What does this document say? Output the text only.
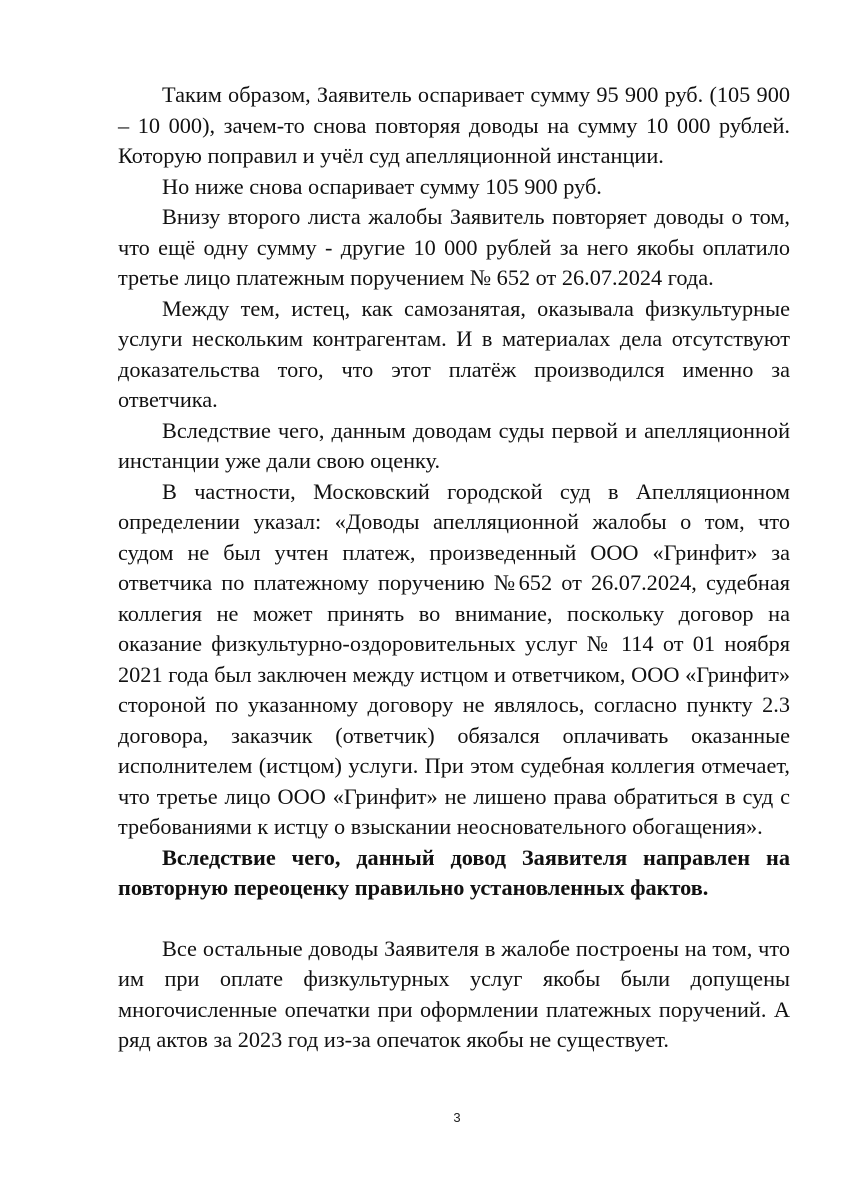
Таким образом, Заявитель оспаривает сумму 95 900 руб. (105 900 – 10 000), зачем-то снова повторяя доводы на сумму 10 000 рублей. Которую поправил и учёл суд апелляционной инстанции.

Но ниже снова оспаривает сумму 105 900 руб.

Внизу второго листа жалобы Заявитель повторяет доводы о том, что ещё одну сумму - другие 10 000 рублей за него якобы оплатило третье лицо платежным поручением № 652 от 26.07.2024 года.

Между тем, истец, как самозанятая, оказывала физкультурные услуги нескольким контрагентам. И в материалах дела отсутствуют доказательства того, что этот платёж производился именно за ответчика.

Вследствие чего, данным доводам суды первой и апелляционной инстанции уже дали свою оценку.

В частности, Московский городской суд в Апелляционном определении указал: «Доводы апелляционной жалобы о том, что судом не был учтен платеж, произведенный ООО «Гринфит» за ответчика по платежному поручению №652 от 26.07.2024, судебная коллегия не может принять во внимание, поскольку договор на оказание физкультурно-оздоровительных услуг № 114 от 01 ноября 2021 года был заключен между истцом и ответчиком, ООО «Гринфит» стороной по указанному договору не являлось, согласно пункту 2.3 договора, заказчик (ответчик) обязался оплачивать оказанные исполнителем (истцом) услуги. При этом судебная коллегия отмечает, что третье лицо ООО «Гринфит» не лишено права обратиться в суд с требованиями к истцу о взыскании неосновательного обогащения».

Вследствие чего, данный довод Заявителя направлен на повторную переоценку правильно установленных фактов.

Все остальные доводы Заявителя в жалобе построены на том, что им при оплате физкультурных услуг якобы были допущены многочисленные опечатки при оформлении платежных поручений. А ряд актов за 2023 год из-за опечаток якобы не существует.

3
